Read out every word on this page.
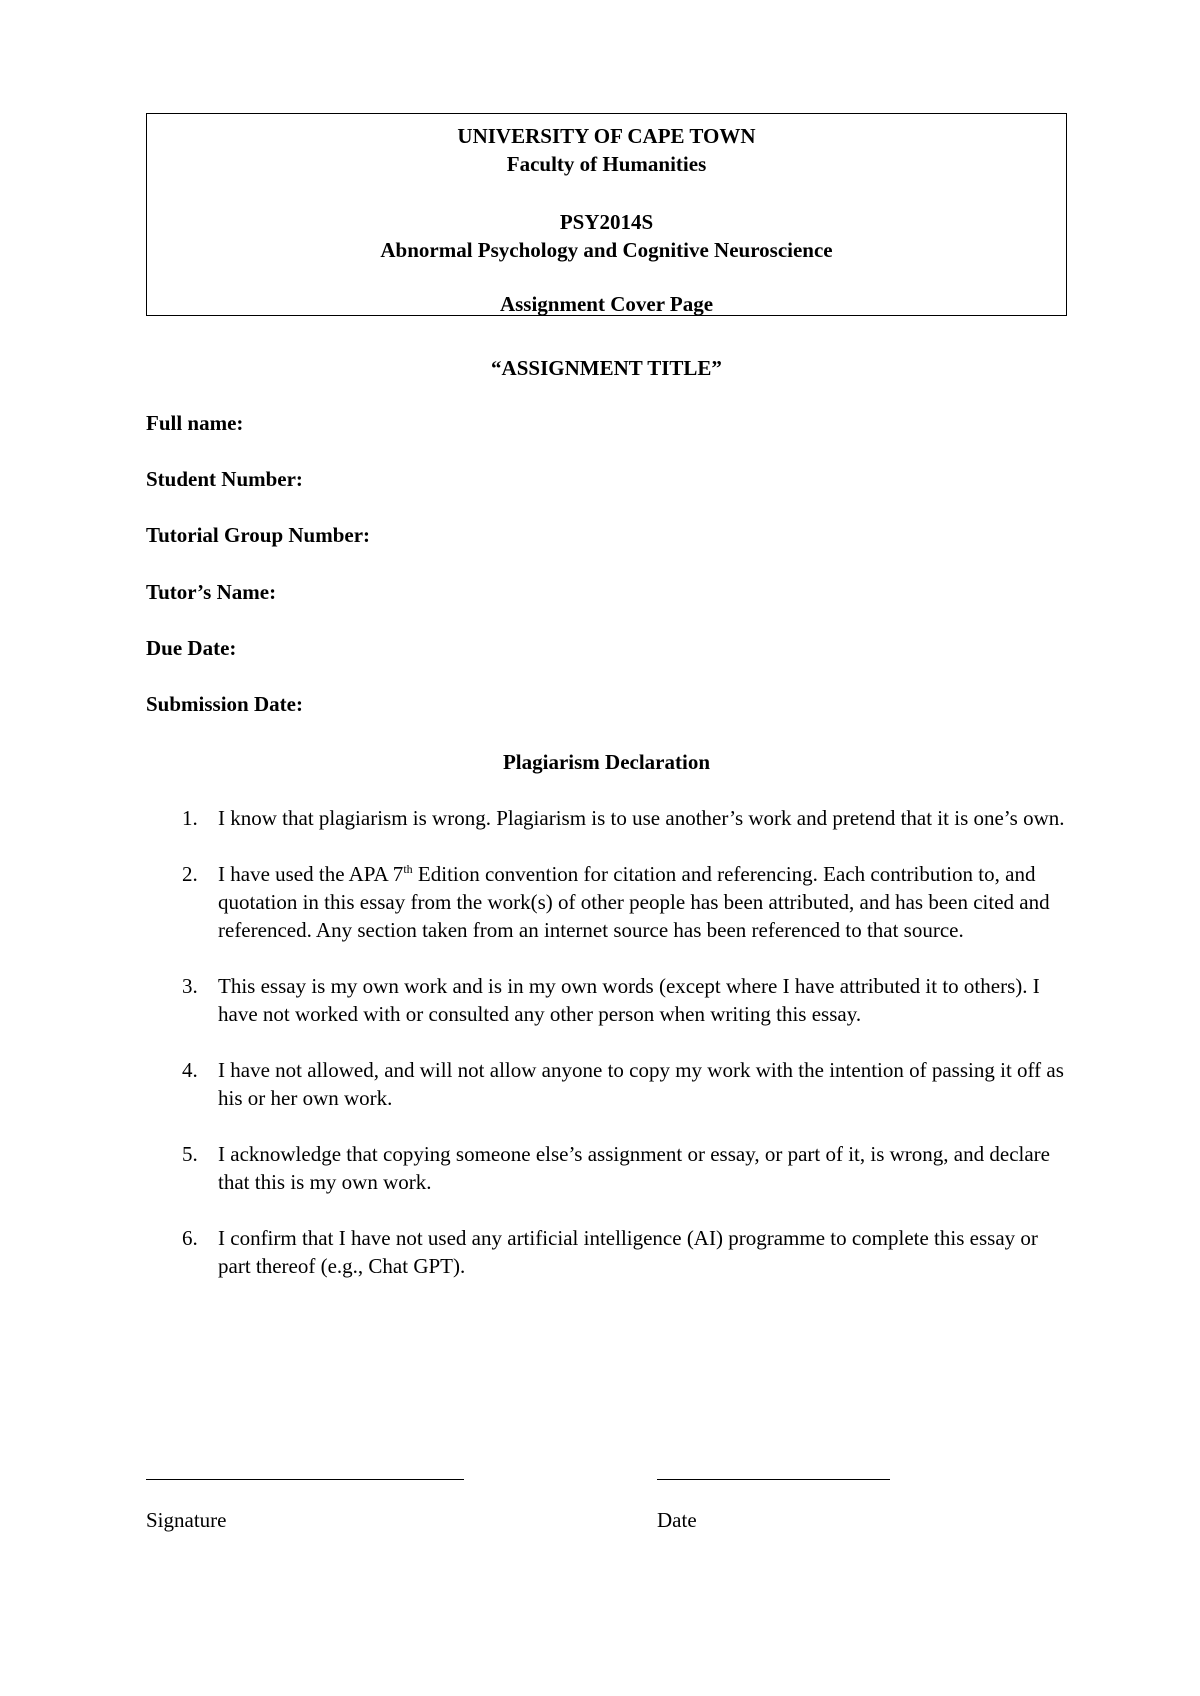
UNIVERSITY OF CAPE TOWN
Faculty of Humanities
PSY2014S
Abnormal Psychology and Cognitive Neuroscience
Assignment Cover Page
“ASSIGNMENT TITLE”
Full name:
Student Number:
Tutorial Group Number:
Tutor’s Name:
Due Date:
Submission Date:
Plagiarism Declaration
1. I know that plagiarism is wrong. Plagiarism is to use another’s work and pretend that it is one’s own.
2. I have used the APA 7th Edition convention for citation and referencing. Each contribution to, and quotation in this essay from the work(s) of other people has been attributed, and has been cited and referenced. Any section taken from an internet source has been referenced to that source.
3. This essay is my own work and is in my own words (except where I have attributed it to others). I have not worked with or consulted any other person when writing this essay.
4. I have not allowed, and will not allow anyone to copy my work with the intention of passing it off as his or her own work.
5. I acknowledge that copying someone else’s assignment or essay, or part of it, is wrong, and declare that this is my own work.
6. I confirm that I have not used any artificial intelligence (AI) programme to complete this essay or part thereof (e.g., Chat GPT).
Signature	Date
